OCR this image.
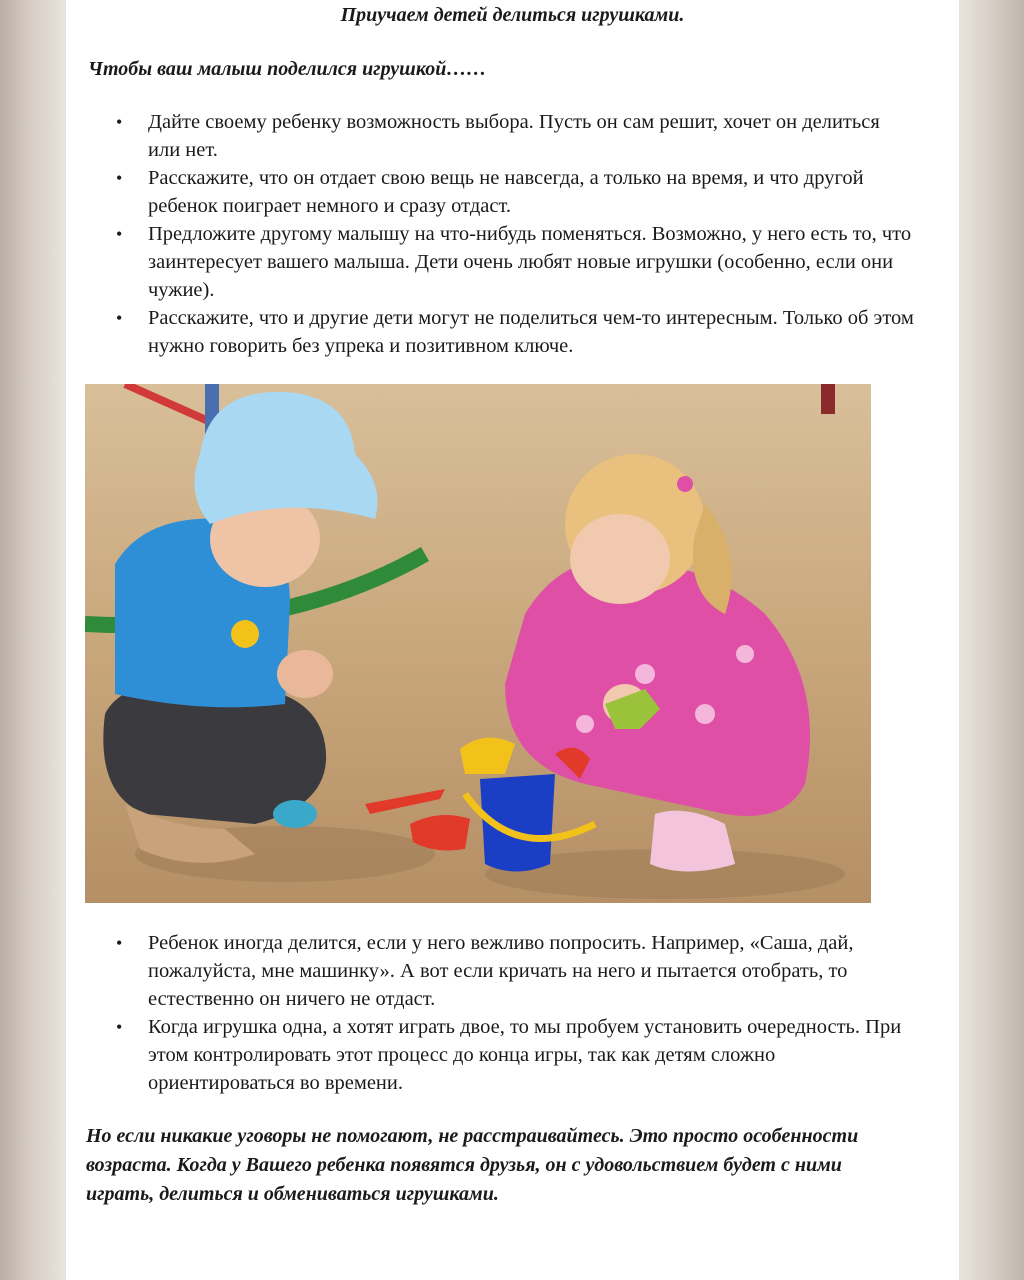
Приучаем детей делиться игрушками.
Чтобы ваш малыш поделился игрушкой……
• Дайте своему ребенку возможность выбора. Пусть он сам решит, хочет он делиться или нет.
• Расскажите, что он отдает свою вещь не навсегда, а только на время, и что другой ребенок поиграет немного и сразу отдаст.
• Предложите другому малышу на что-нибудь поменяться. Возможно, у него есть то, что заинтересует вашего малыша. Дети очень любят новые игрушки (особенно, если они чужие).
• Расскажите, что и другие дети могут не поделиться чем-то интересным. Только об этом нужно говорить без упрека и позитивном ключе.
• Ребенок иногда делится, если у него вежливо попросить. Например, «Саша, дай, пожалуйста, мне машинку». А вот если кричать на него и пытается отобрать, то естественно он ничего не отдаст.
• Когда игрушка одна, а хотят играть двое, то мы пробуем установить очередность. При этом контролировать этот процесс до конца игры, так как детям сложно ориентироваться во времени.

Но если никакие уговоры не помогают, не расстраивайтесь. Это просто особенности возраста. Когда у Вашего ребенка появятся друзья, он с удовольствием будет с ними играть, делиться и обмениваться игрушками.
